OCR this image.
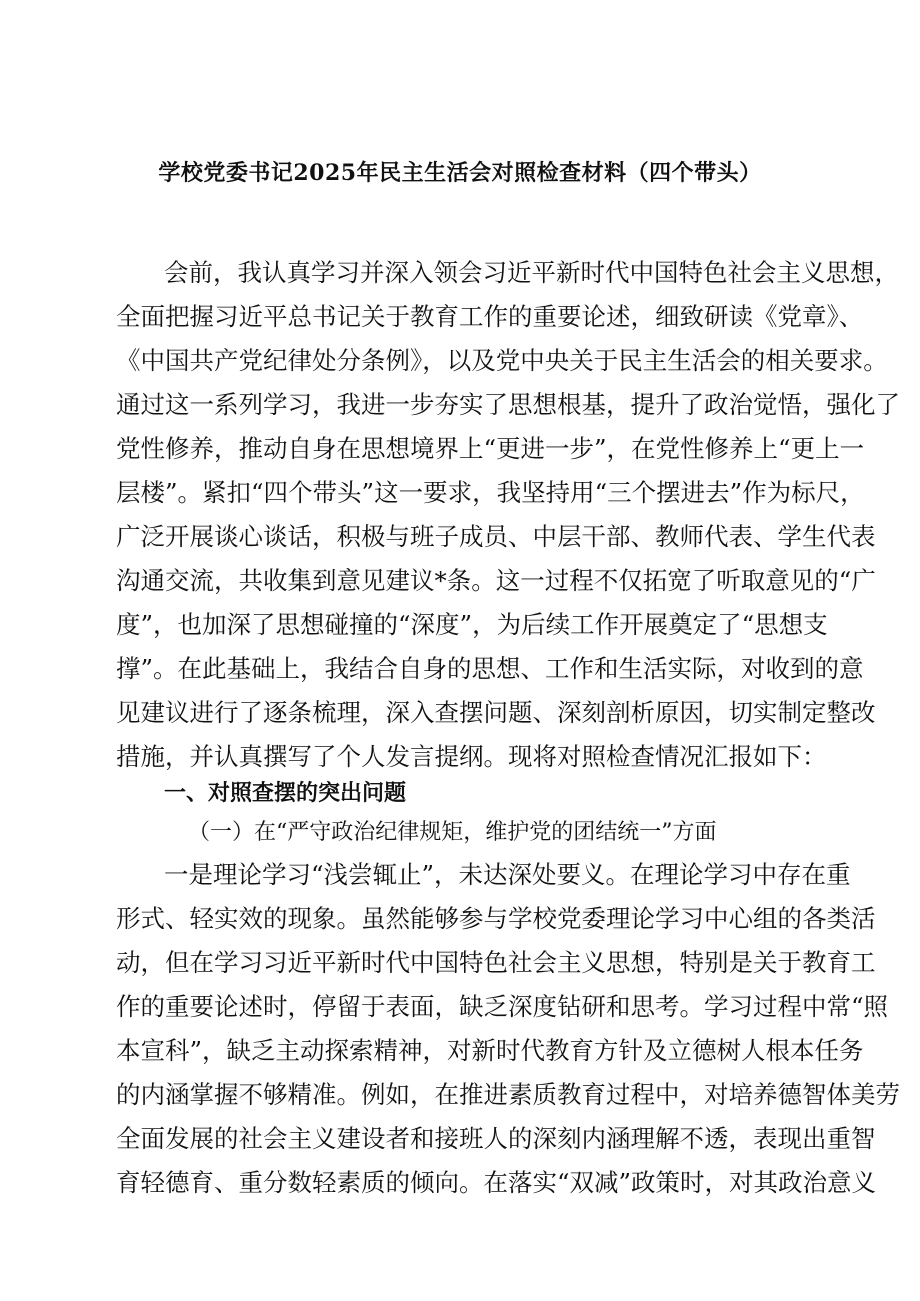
学校党委书记2025年民主生活会对照检查材料（四个带头）
会前，我认真学习并深入领会习近平新时代中国特色社会主义思想，
全面把握习近平总书记关于教育工作的重要论述，细致研读《党章》、
《中国共产党纪律处分条例》，以及党中央关于民主生活会的相关要求。
通过这一系列学习，我进一步夯实了思想根基，提升了政治觉悟，强化了
党性修养，推动自身在思想境界上“更进一步”，在党性修养上“更上一
层楼”。紧扣“四个带头”这一要求，我坚持用“三个摆进去”作为标尺，
广泛开展谈心谈话，积极与班子成员、中层干部、教师代表、学生代表
沟通交流，共收集到意见建议*条。这一过程不仅拓宽了听取意见的“广
度”，也加深了思想碰撞的“深度”，为后续工作开展奠定了“思想支
撑”。在此基础上，我结合自身的思想、工作和生活实际，对收到的意
见建议进行了逐条梳理，深入查摆问题、深刻剖析原因，切实制定整改
措施，并认真撰写了个人发言提纲。现将对照检查情况汇报如下：
一、对照查摆的突出问题
（一）在“严守政治纪律规矩，维护党的团结统一”方面
一是理论学习“浅尝辄止”，未达深处要义。在理论学习中存在重
形式、轻实效的现象。虽然能够参与学校党委理论学习中心组的各类活
动，但在学习习近平新时代中国特色社会主义思想，特别是关于教育工
作的重要论述时，停留于表面，缺乏深度钻研和思考。学习过程中常“照
本宣科”，缺乏主动探索精神，对新时代教育方针及立德树人根本任务
的内涵掌握不够精准。例如，在推进素质教育过程中，对培养德智体美劳
全面发展的社会主义建设者和接班人的深刻内涵理解不透，表现出重智
育轻德育、重分数轻素质的倾向。在落实“双减”政策时，对其政治意义
